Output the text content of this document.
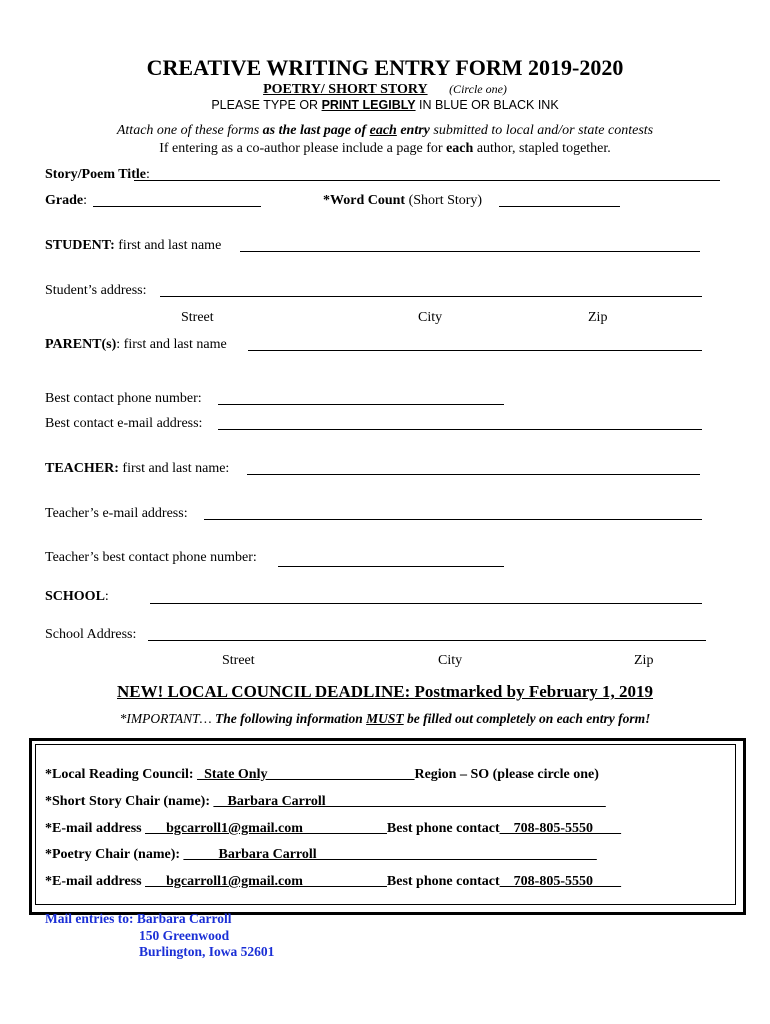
CREATIVE WRITING ENTRY FORM 2019-2020
POETRY/ SHORT STORY (Circle one)
PLEASE TYPE OR PRINT LEGIBLY IN BLUE OR BLACK INK
Attach one of these forms as the last page of each entry submitted to local and/or state contests
If entering as a co-author please include a page for each author, stapled together.
Story/Poem Title:
Grade:	*Word Count (Short Story)
STUDENT: first and last name
Student’s address:
Street	City	Zip
PARENT(s): first and last name
Best contact phone number:
Best contact e-mail address:
TEACHER: first and last name:
Teacher’s e-mail address:
Teacher’s best contact phone number:
SCHOOL:
School Address:
Street	City	Zip
NEW! LOCAL COUNCIL DEADLINE: Postmarked by February 1, 2019
*IMPORTANT… The following information MUST be filled out completely on each entry form!
*Local Reading Council: _State Only_____________________Region – SO (please circle one)
*Short Story Chair (name): __Barbara Carroll________________________________________
*E-mail address ___bgcarroll1@gmail.com____________Best phone contact__708-805-5550____
*Poetry Chair (name): _____Barbara Carroll________________________________________
*E-mail address ___bgcarroll1@gmail.com____________Best phone contact__708-805-5550____
Mail entries to: Barbara Carroll
150 Greenwood
Burlington, Iowa 52601
